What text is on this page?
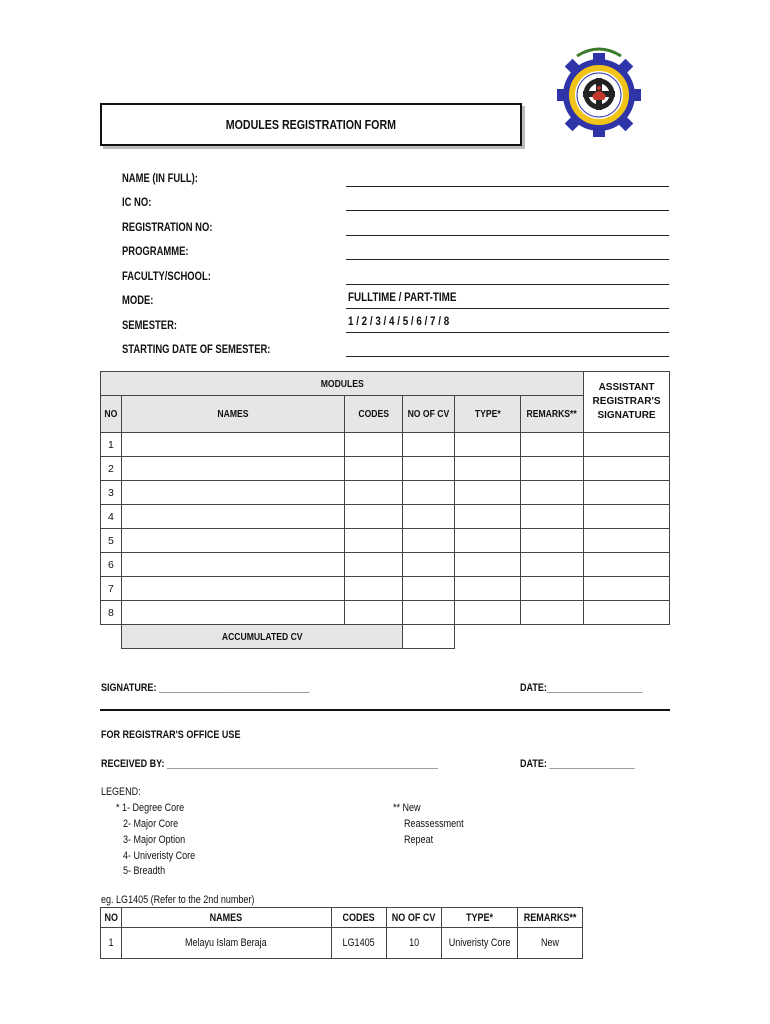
MODULES REGISTRATION FORM
NAME (IN FULL):
IC NO:
REGISTRATION NO:
PROGRAMME:
FACULTY/SCHOOL:
MODE:	FULLTIME / PART-TIME
SEMESTER:	1 / 2 / 3 / 4 / 5 / 6 / 7 / 8
STARTING DATE OF SEMESTER:
MODULES						ASSISTANT REGISTRAR'S SIGNATURE

NO	NAMES	CODES	NO OF CV	TYPE*	REMARKS**	
1						
2						
3						
4						
5						
6						
7						
8						
	ACCUMULATED CV					
SIGNATURE: ______________________________	DATE:___________________
FOR REGISTRAR'S OFFICE USE
RECEIVED BY: ______________________________________________________	DATE: _________________
LEGEND:
* 1- Degree Core
2- Major Core
3- Major Option
4- Univeristy Core
5- Breadth
** New
Reassessment
Repeat
eg. LG1405 (Refer to the 2nd number)
NO	NAMES	CODES	NO OF CV	TYPE*	REMARKS**
1	Melayu Islam Beraja	LG1405	10	Univeristy Core	New
